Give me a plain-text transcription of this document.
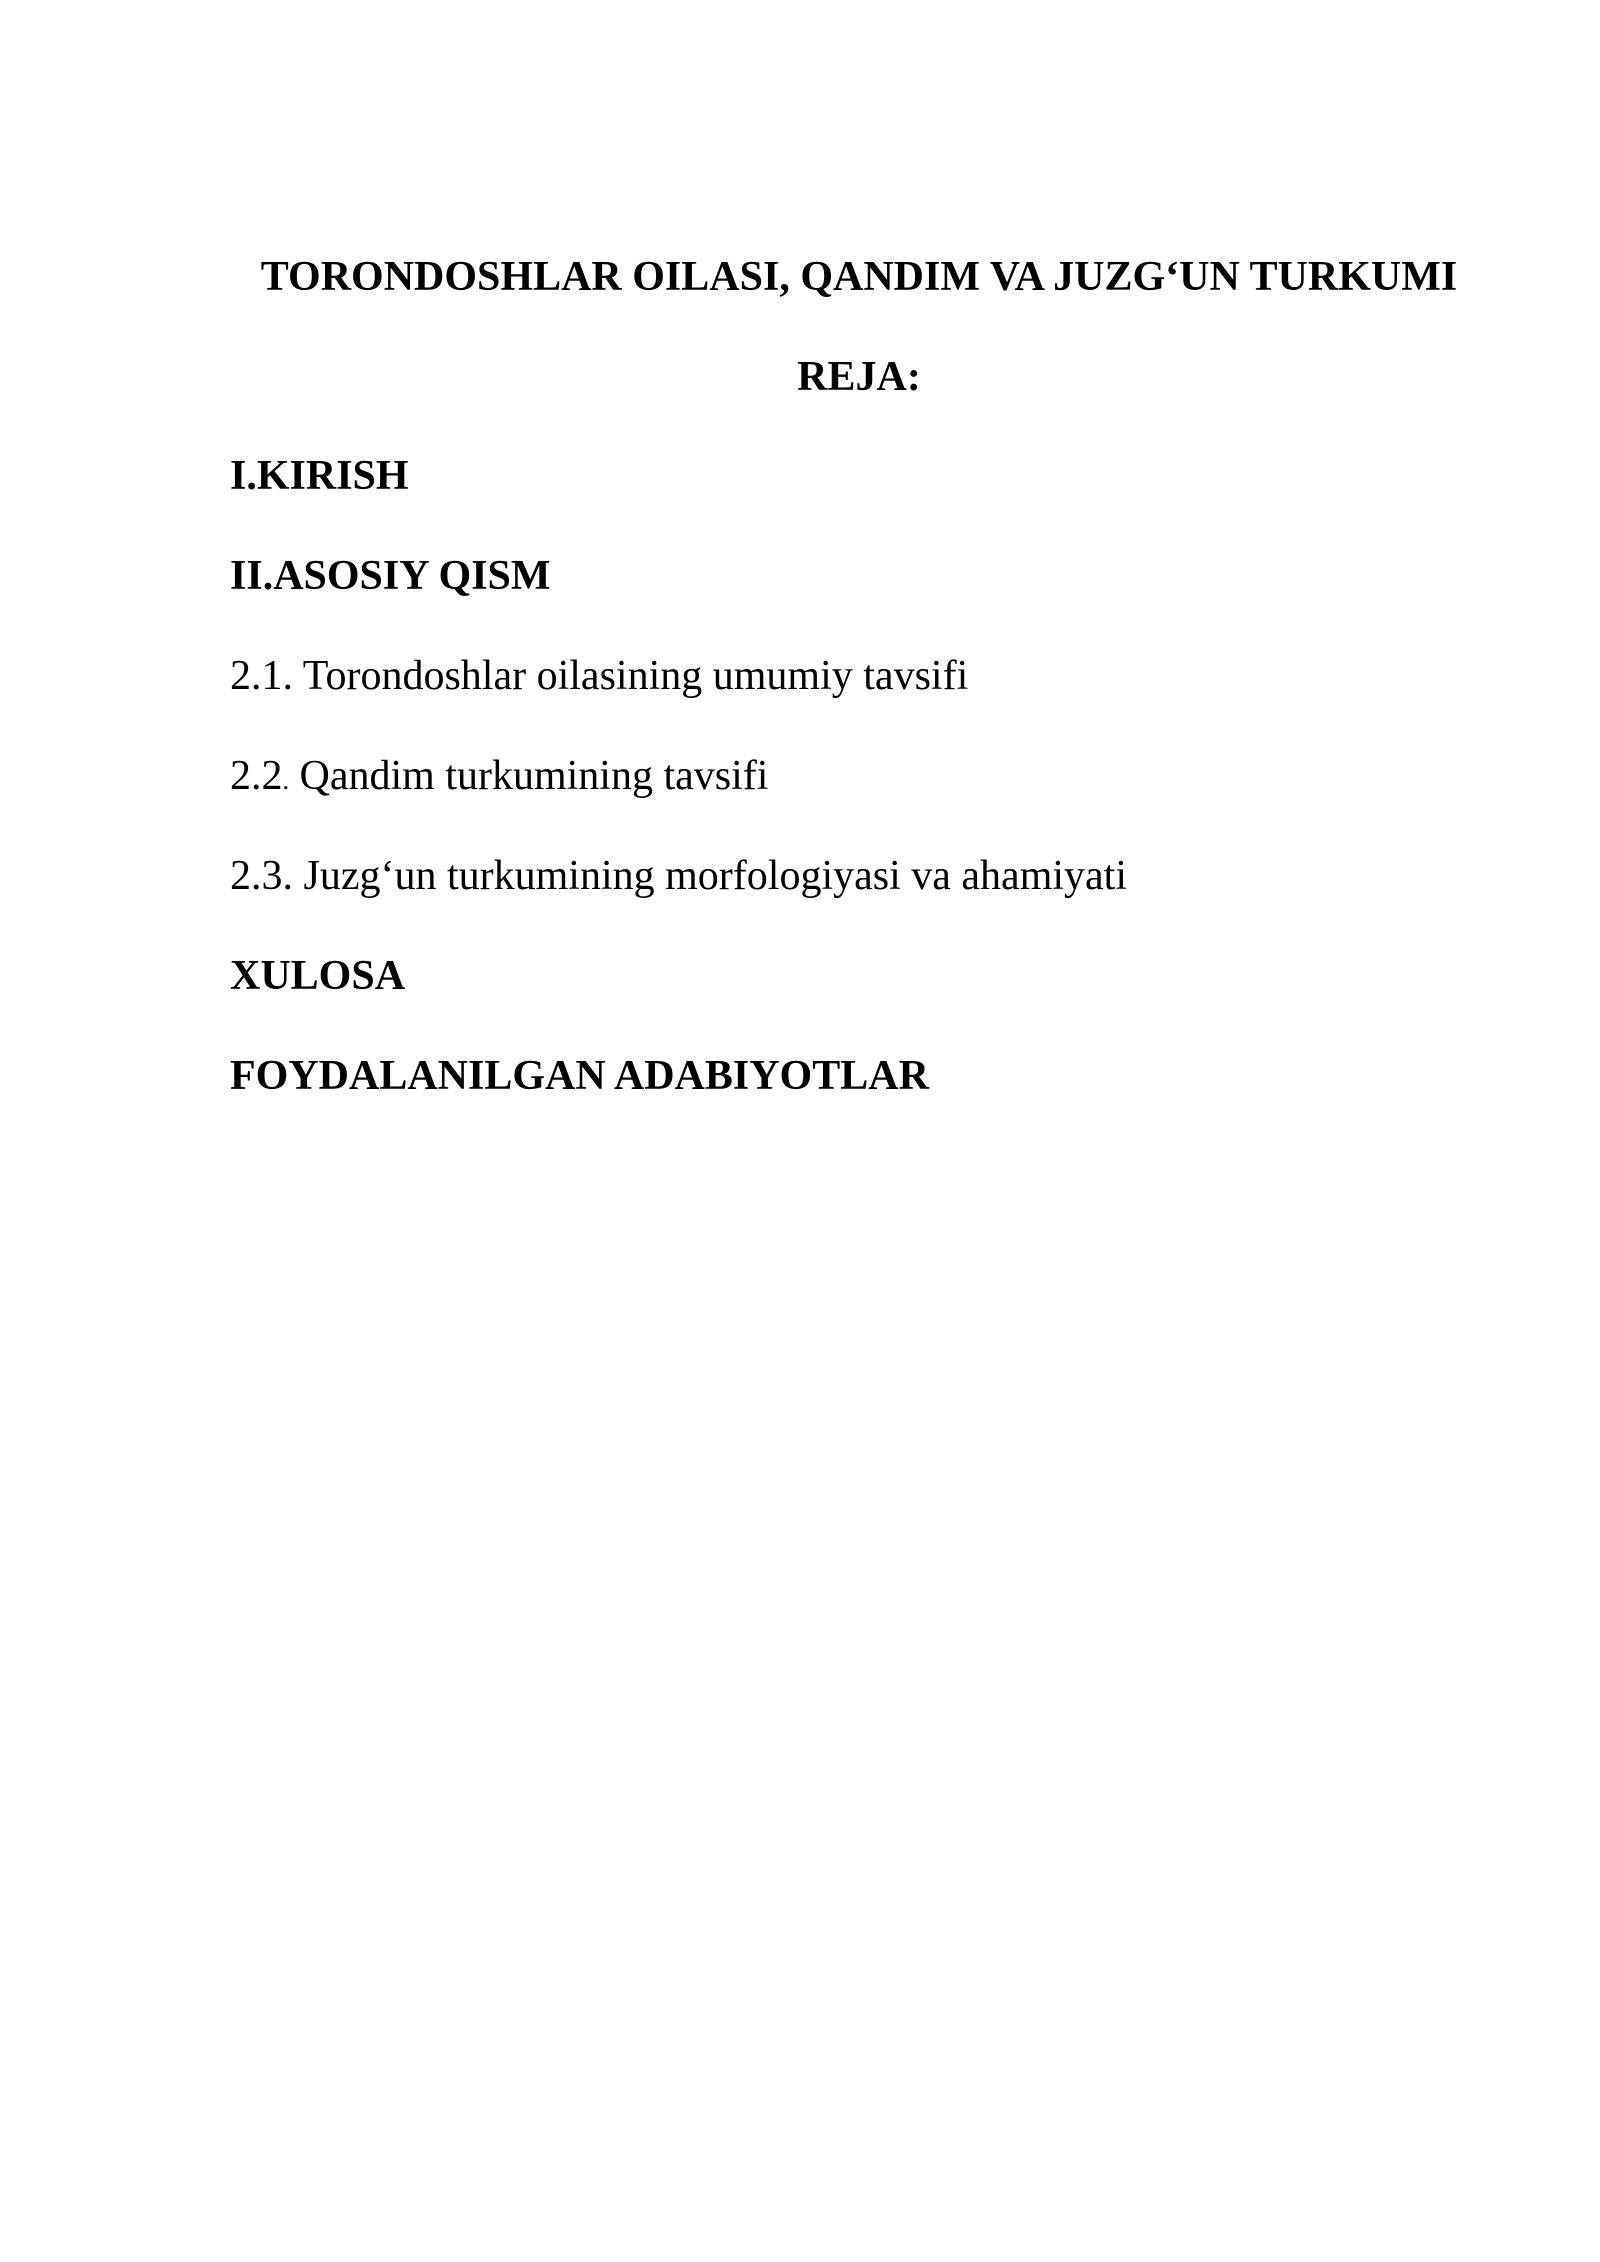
TORONDOSHLAR OILASI, QANDIM VA JUZG‘UN TURKUMI
REJA:
I.KIRISH
II.ASOSIY QISM
2.1. Torondoshlar oilasining umumiy tavsifi
2.2. Qandim turkumining tavsifi
2.3. Juzg‘un turkumining morfologiyasi va ahamiyati
XULOSA
FOYDALANILGAN ADABIYOTLAR
